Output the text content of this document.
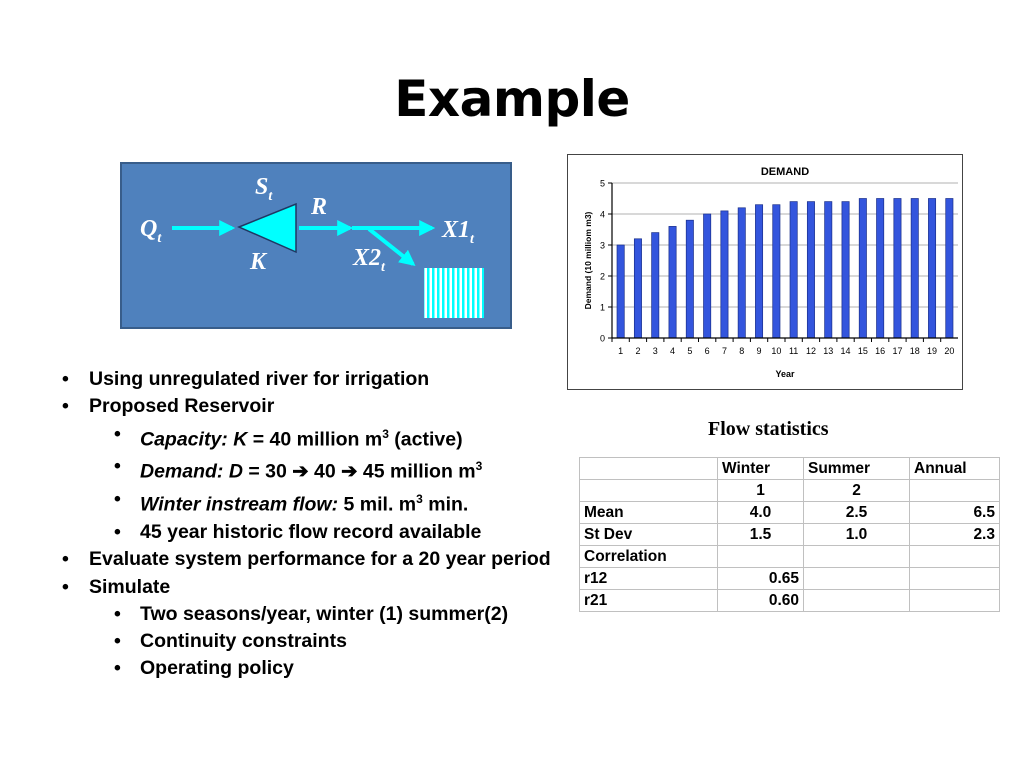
Example
$Q_t$
$S_t$ R
K
$X1_t$
$X2_t$
0
1
2
3
4
5
1 2 3 4 5 6 7 8 9 10 11 12 13 14 15 16 17 18 19 20
DEMAND
Year
Demand (10 milliom m3)
• Using unregulated river for irrigation
• Proposed Reservoir
• Capacity: K = 40 million $m^3$ (active)
• Demand: D = 30 ➔ 40 ➔ 45 million $m^3$
• Winter instream flow: 5 mil. $m^3$ min.
• 45 year historic flow record available
• Evaluate system performance for a 20 year period
• Simulate
• Two seasons/year, winter (1) summer(2)
• Continuity constraints
• Operating policy
Flow statistics
	Winter	Summer	Annual
	1	2	
Mean	4.0	2.5	6.5
St Dev	1.5	1.0	2.3
Correlation			
r12	0.65		
r21	0.60		
